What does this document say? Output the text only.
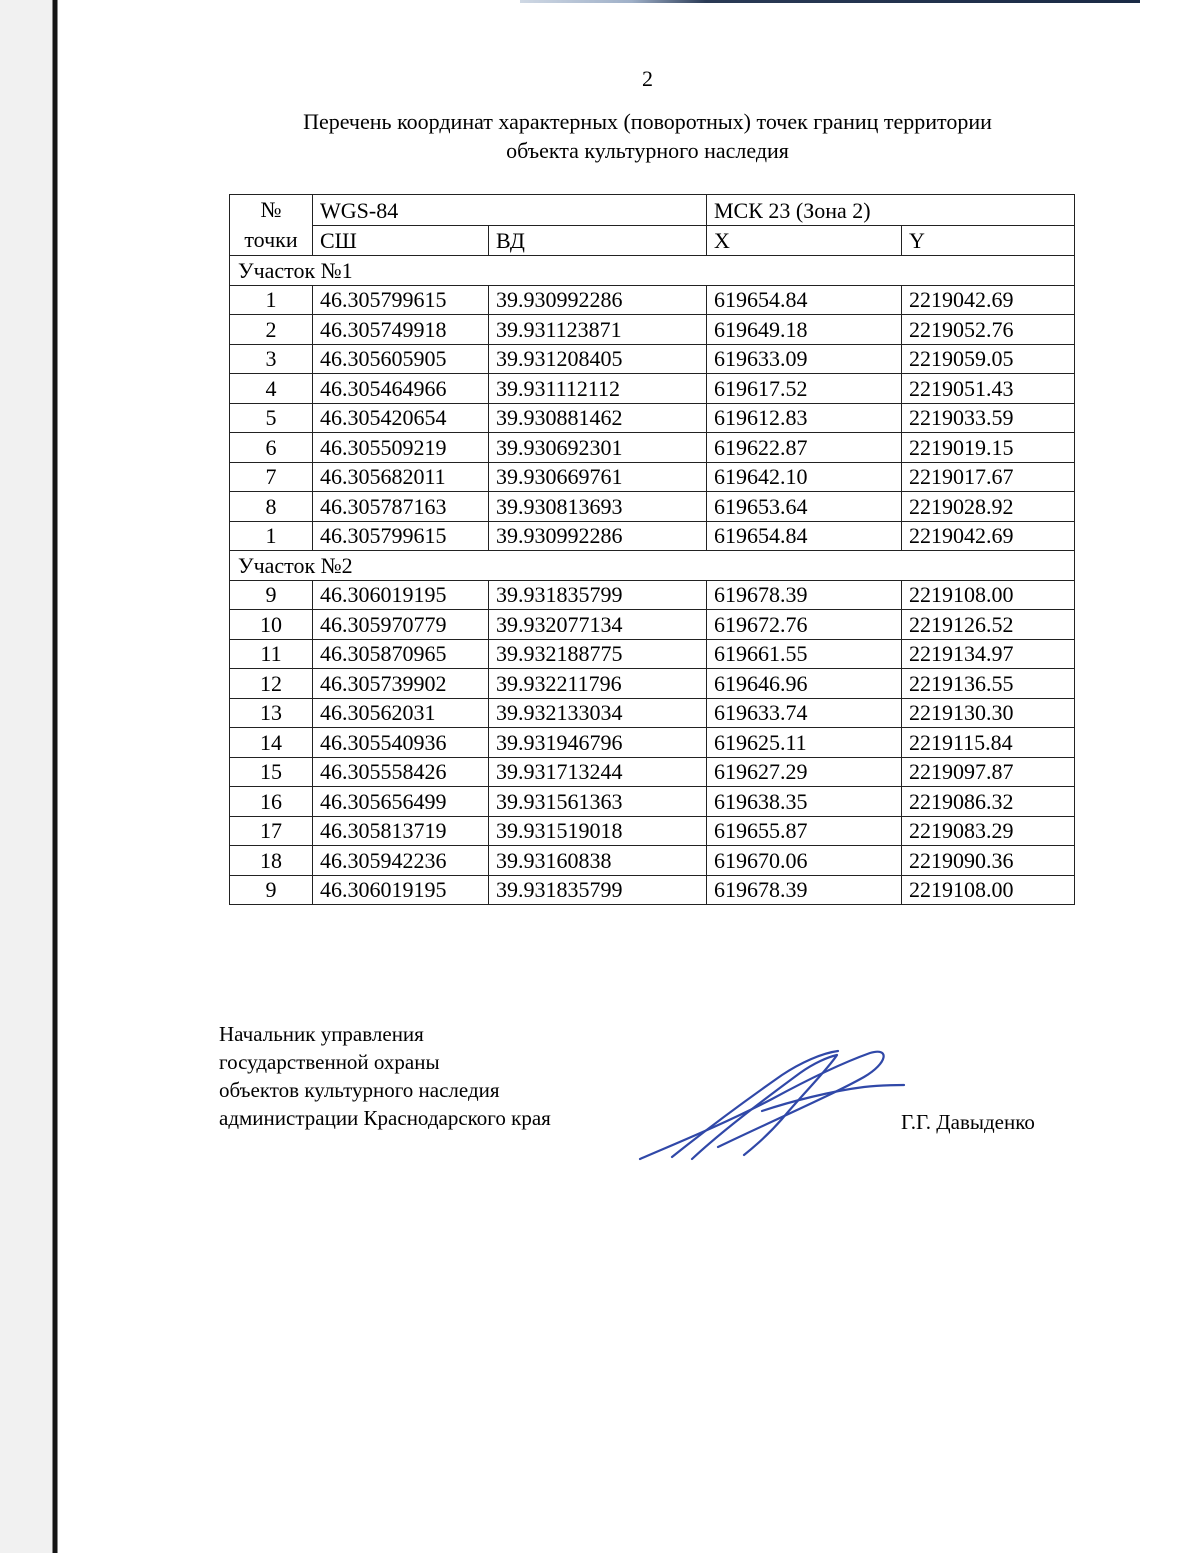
2
Перечень координат характерных (поворотных) точек границ территории
объекта культурного наследия
№
точки	WGS-84		МСК 23 (Зона 2)	
	СШ	ВД	X	Y
Участок №1				
1	46.305799615	39.930992286	619654.84	2219042.69
2	46.305749918	39.931123871	619649.18	2219052.76
3	46.305605905	39.931208405	619633.09	2219059.05
4	46.305464966	39.931112112	619617.52	2219051.43
5	46.305420654	39.930881462	619612.83	2219033.59
6	46.305509219	39.930692301	619622.87	2219019.15
7	46.305682011	39.930669761	619642.10	2219017.67
8	46.305787163	39.930813693	619653.64	2219028.92
1	46.305799615	39.930992286	619654.84	2219042.69
Участок №2				
9	46.306019195	39.931835799	619678.39	2219108.00
10	46.305970779	39.932077134	619672.76	2219126.52
11	46.305870965	39.932188775	619661.55	2219134.97
12	46.305739902	39.932211796	619646.96	2219136.55
13	46.30562031	39.932133034	619633.74	2219130.30
14	46.305540936	39.931946796	619625.11	2219115.84
15	46.305558426	39.931713244	619627.29	2219097.87
16	46.305656499	39.931561363	619638.35	2219086.32
17	46.305813719	39.931519018	619655.87	2219083.29
18	46.305942236	39.93160838	619670.06	2219090.36
9	46.306019195	39.931835799	619678.39	2219108.00
Начальник управления
государственной охраны
объектов культурного наследия
администрации Краснодарского края	Г.Г. Давыденко
